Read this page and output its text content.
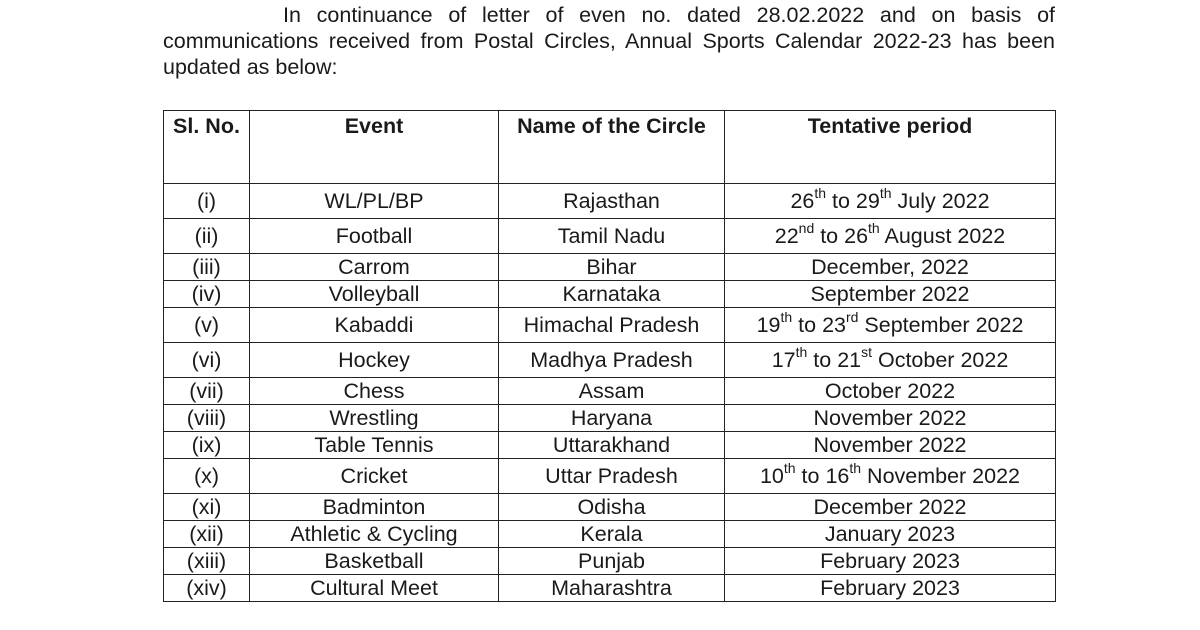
In continuance of letter of even no. dated 28.02.2022 and on basis of communications received from Postal Circles, Annual Sports Calendar 2022-23 has been updated as below:

Sl. No.	Event	Name of the Circle	Tentative period
(i)	WL/PL/BP	Rajasthan	26th to 29th July 2022
(ii)	Football	Tamil Nadu	22nd to 26th August 2022
(iii)	Carrom	Bihar	December, 2022
(iv)	Volleyball	Karnataka	September 2022
(v)	Kabaddi	Himachal Pradesh	19th to 23rd September 2022
(vi)	Hockey	Madhya Pradesh	17th to 21st October 2022
(vii)	Chess	Assam	October 2022
(viii)	Wrestling	Haryana	November 2022
(ix)	Table Tennis	Uttarakhand	November 2022
(x)	Cricket	Uttar Pradesh	10th to 16th November 2022
(xi)	Badminton	Odisha	December 2022
(xii)	Athletic & Cycling	Kerala	January 2023
(xiii)	Basketball	Punjab	February 2023
(xiv)	Cultural Meet	Maharashtra	February 2023
